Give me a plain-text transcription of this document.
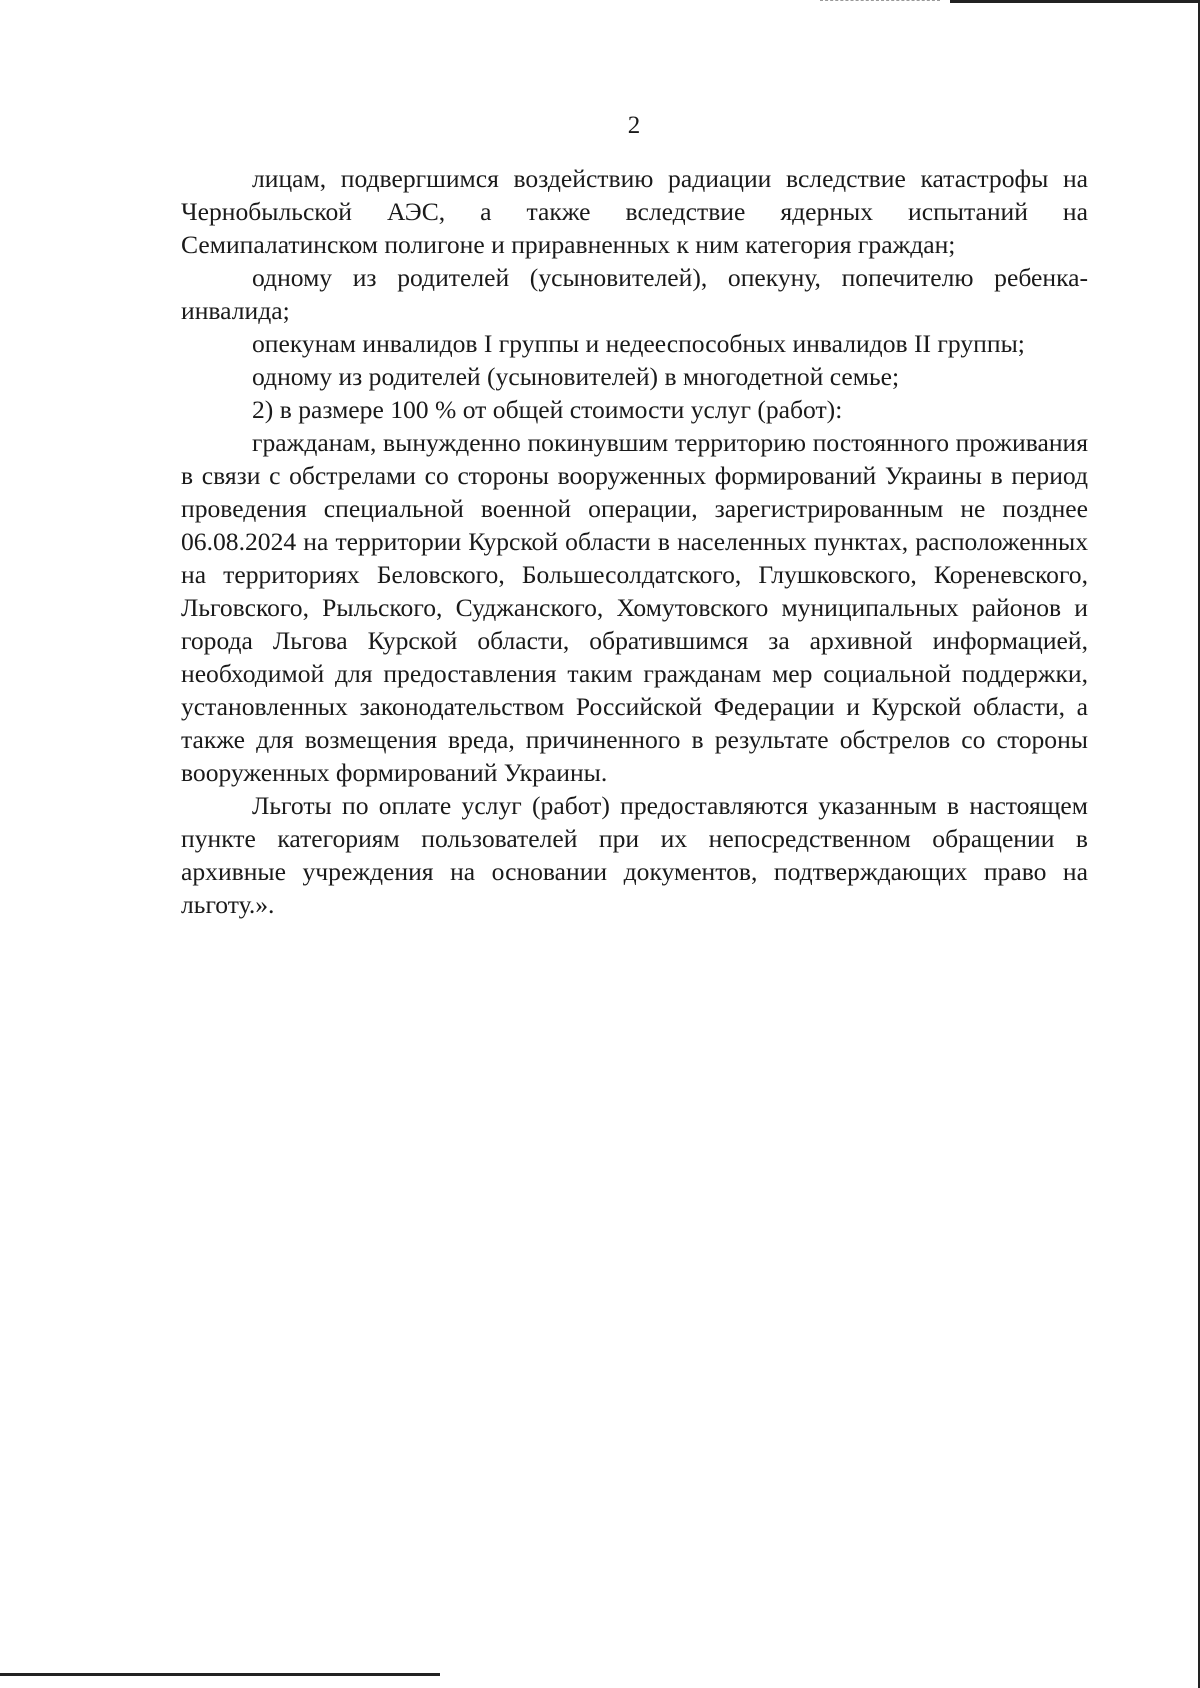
2

лицам, подвергшимся воздействию радиации вследствие катастрофы на Чернобыльской АЭС, а также вследствие ядерных испытаний на Семипалатинском полигоне и приравненных к ним категория граждан;

одному из родителей (усыновителей), опекуну, попечителю ребенка-инвалида;

опекунам инвалидов I группы и недееспособных инвалидов II группы;

одному из родителей (усыновителей) в многодетной семье;

2) в размере 100 % от общей стоимости услуг (работ):

гражданам, вынужденно покинувшим территорию постоянного проживания в связи с обстрелами со стороны вооруженных формирований Украины в период проведения специальной военной операции, зарегистрированным не позднее 06.08.2024 на территории Курской области в населенных пунктах, расположенных на территориях Беловского, Большесолдатского, Глушковского, Кореневского, Льговского, Рыльского, Суджанского, Хомутовского муниципальных районов и города Льгова Курской области, обратившимся за архивной информацией, необходимой для предоставления таким гражданам мер социальной поддержки, установленных законодательством Российской Федерации и Курской области, а также для возмещения вреда, причиненного в результате обстрелов со стороны вооруженных формирований Украины.

Льготы по оплате услуг (работ) предоставляются указанным в настоящем пункте категориям пользователей при их непосредственном обращении в архивные учреждения на основании документов, подтверждающих право на льготу.».
